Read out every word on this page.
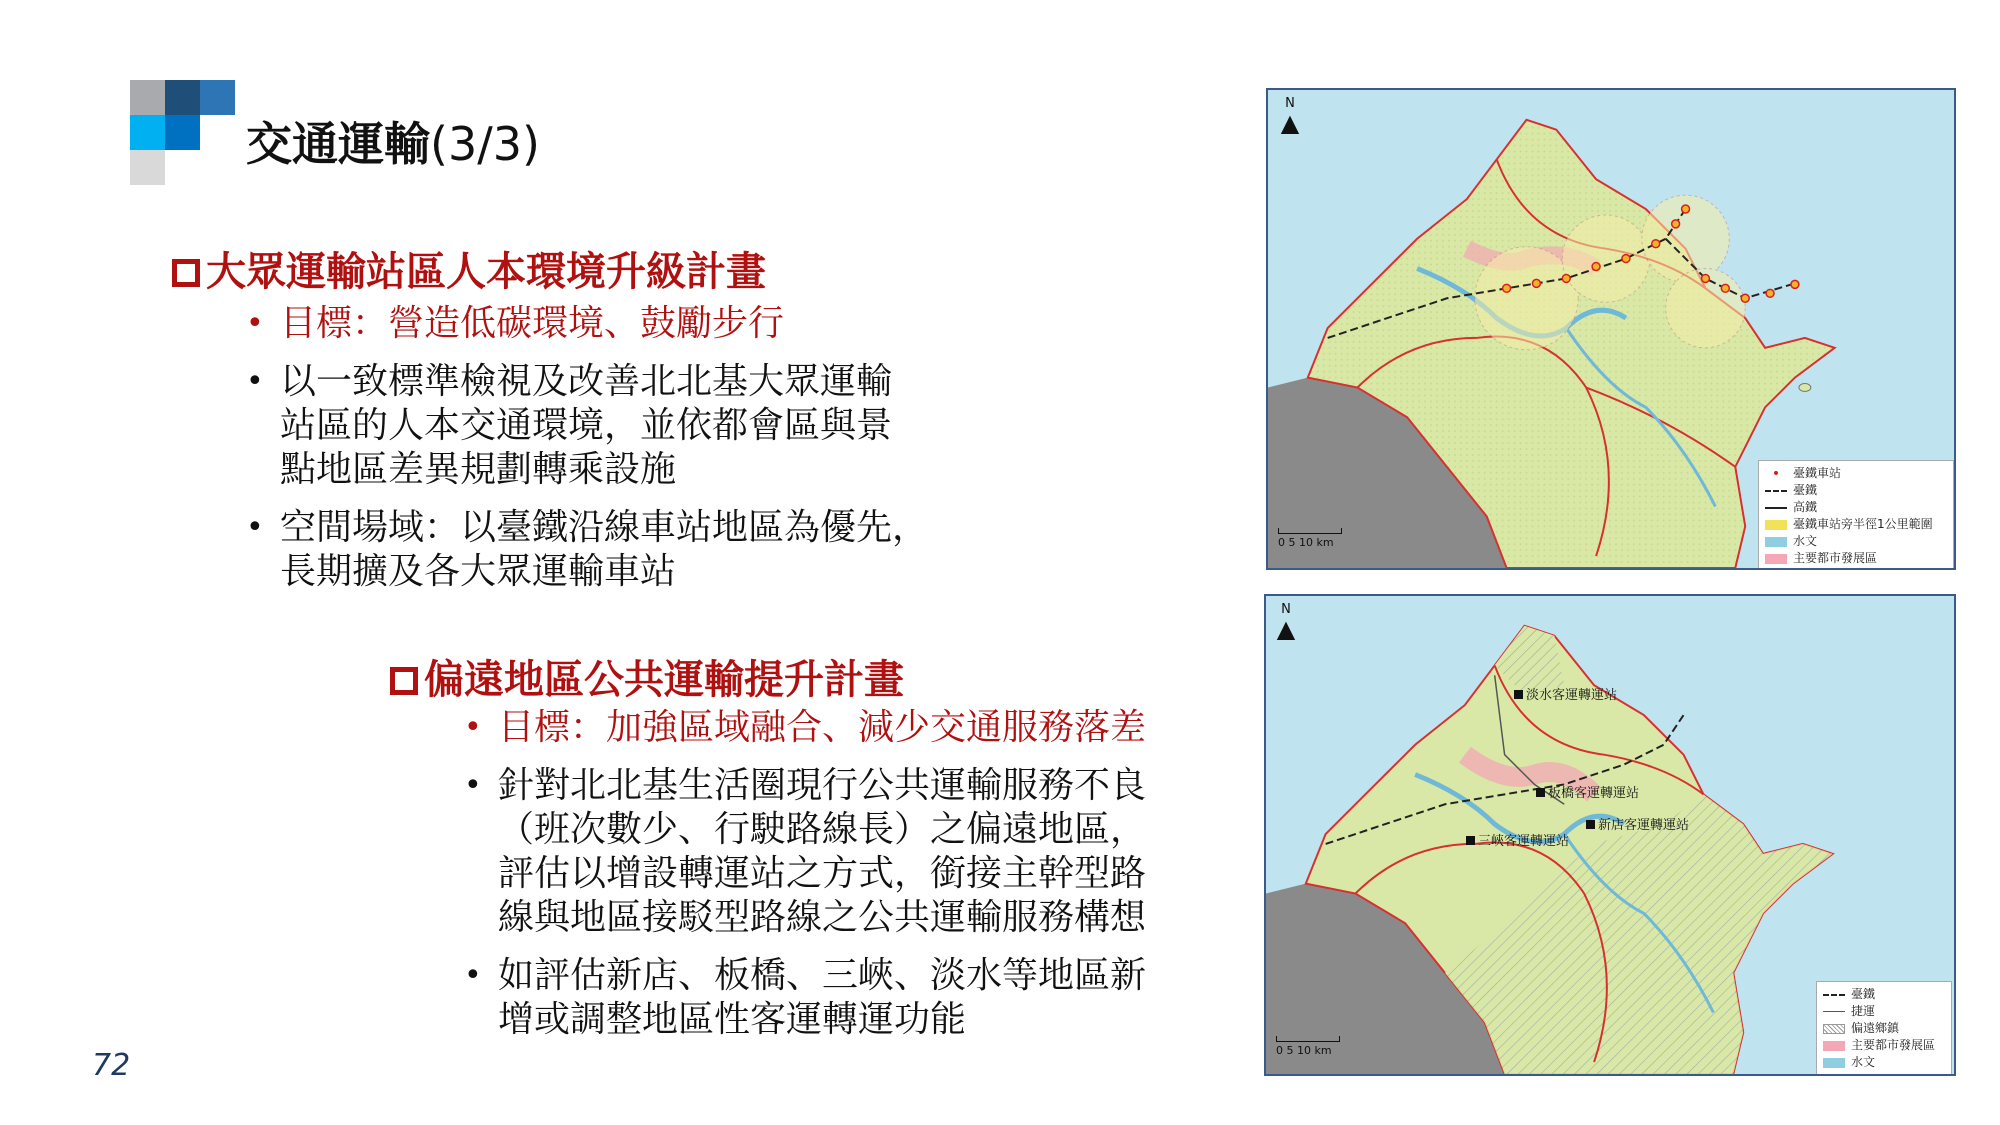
交通運輸(3/3)
大眾運輸站區人本環境升級計畫
• 目標：營造低碳環境、鼓勵步行
• 以一致標準檢視及改善北北基大眾運輸
站區的人本交通環境，並依都會區與景
點地區差異規劃轉乘設施
• 空間場域：以臺鐵沿線車站地區為優先，
長期擴及各大眾運輸車站
偏遠地區公共運輸提升計畫
• 目標：加強區域融合、減少交通服務落差
• 針對北北基生活圈現行公共運輸服務不良
（班次數少、行駛路線長）之偏遠地區，
評估以增設轉運站之方式，銜接主幹型路
線與地區接駁型路線之公共運輸服務構想
• 如評估新店、板橋、三峽、淡水等地區新
增或調整地區性客運轉運功能
72
N
▲
0 5 10 km
•	臺鐵車站
臺鐵
高鐵
臺鐵車站旁半徑1公里範圍
水文
主要都市發展區
N
▲
淡水客運轉運站
板橋客運轉運站
新店客運轉運站
三峽客運轉運站
0 5 10 km
臺鐵
捷運
偏遠鄉鎮
主要都市發展區
水文
